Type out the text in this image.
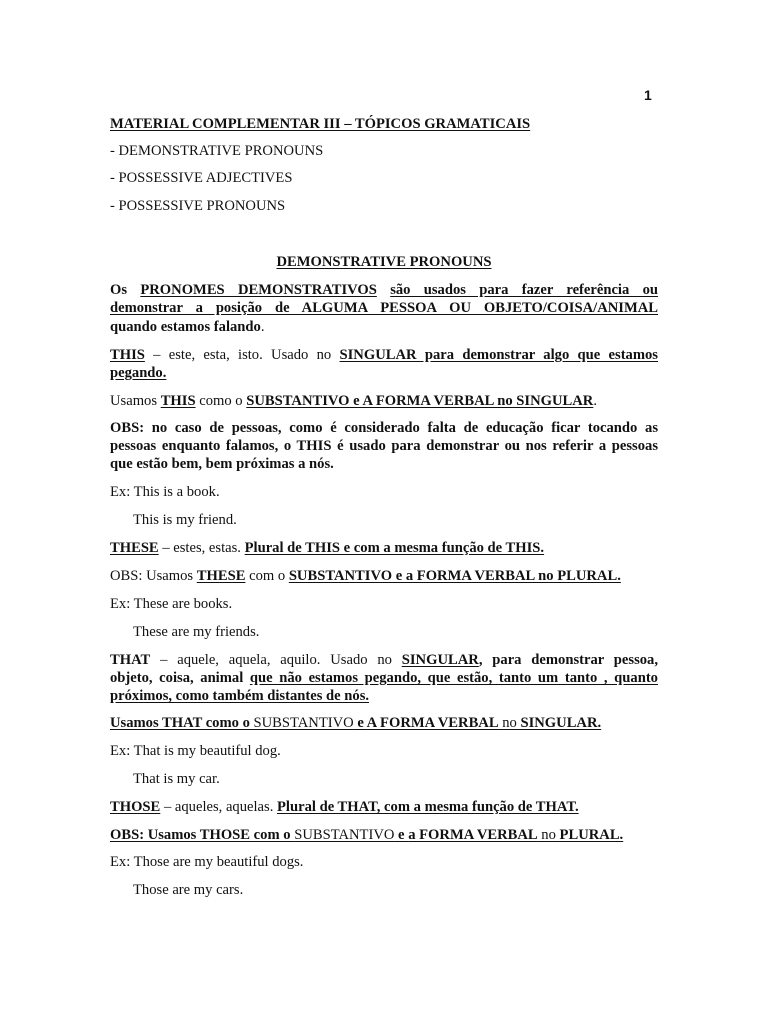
1
MATERIAL COMPLEMENTAR III – TÓPICOS GRAMATICAIS
- DEMONSTRATIVE PRONOUNS
- POSSESSIVE ADJECTIVES
- POSSESSIVE PRONOUNS
DEMONSTRATIVE PRONOUNS
Os PRONOMES DEMONSTRATIVOS são usados para fazer referência ou
demonstrar a posição de ALGUMA PESSOA OU OBJETO/COISA/ANIMAL
quando estamos falando.
THIS – este, esta, isto. Usado no SINGULAR para demonstrar algo que estamos
pegando.
Usamos THIS como o SUBSTANTIVO e A FORMA VERBAL no SINGULAR.
OBS: no caso de pessoas, como é considerado falta de educação ficar tocando as
pessoas enquanto falamos, o THIS é usado para demonstrar ou nos referir a pessoas
que estão bem, bem próximas a nós.
Ex: This is a book.
This is my friend.
THESE – estes, estas. Plural de THIS e com a mesma função de THIS.
OBS: Usamos THESE com o SUBSTANTIVO e a FORMA VERBAL no PLURAL.
Ex: These are books.
These are my friends.
THAT – aquele, aquela, aquilo. Usado no SINGULAR, para demonstrar pessoa,
objeto, coisa, animal que não estamos pegando, que estão, tanto um tanto , quanto
próximos, como também distantes de nós.
Usamos THAT como o SUBSTANTIVO e A FORMA VERBAL no SINGULAR.
Ex: That is my beautiful dog.
That is my car.
THOSE – aqueles, aquelas. Plural de THAT, com a mesma função de THAT.
OBS: Usamos THOSE com o SUBSTANTIVO e a FORMA VERBAL no PLURAL.
Ex: Those are my beautiful dogs.
Those are my cars.
